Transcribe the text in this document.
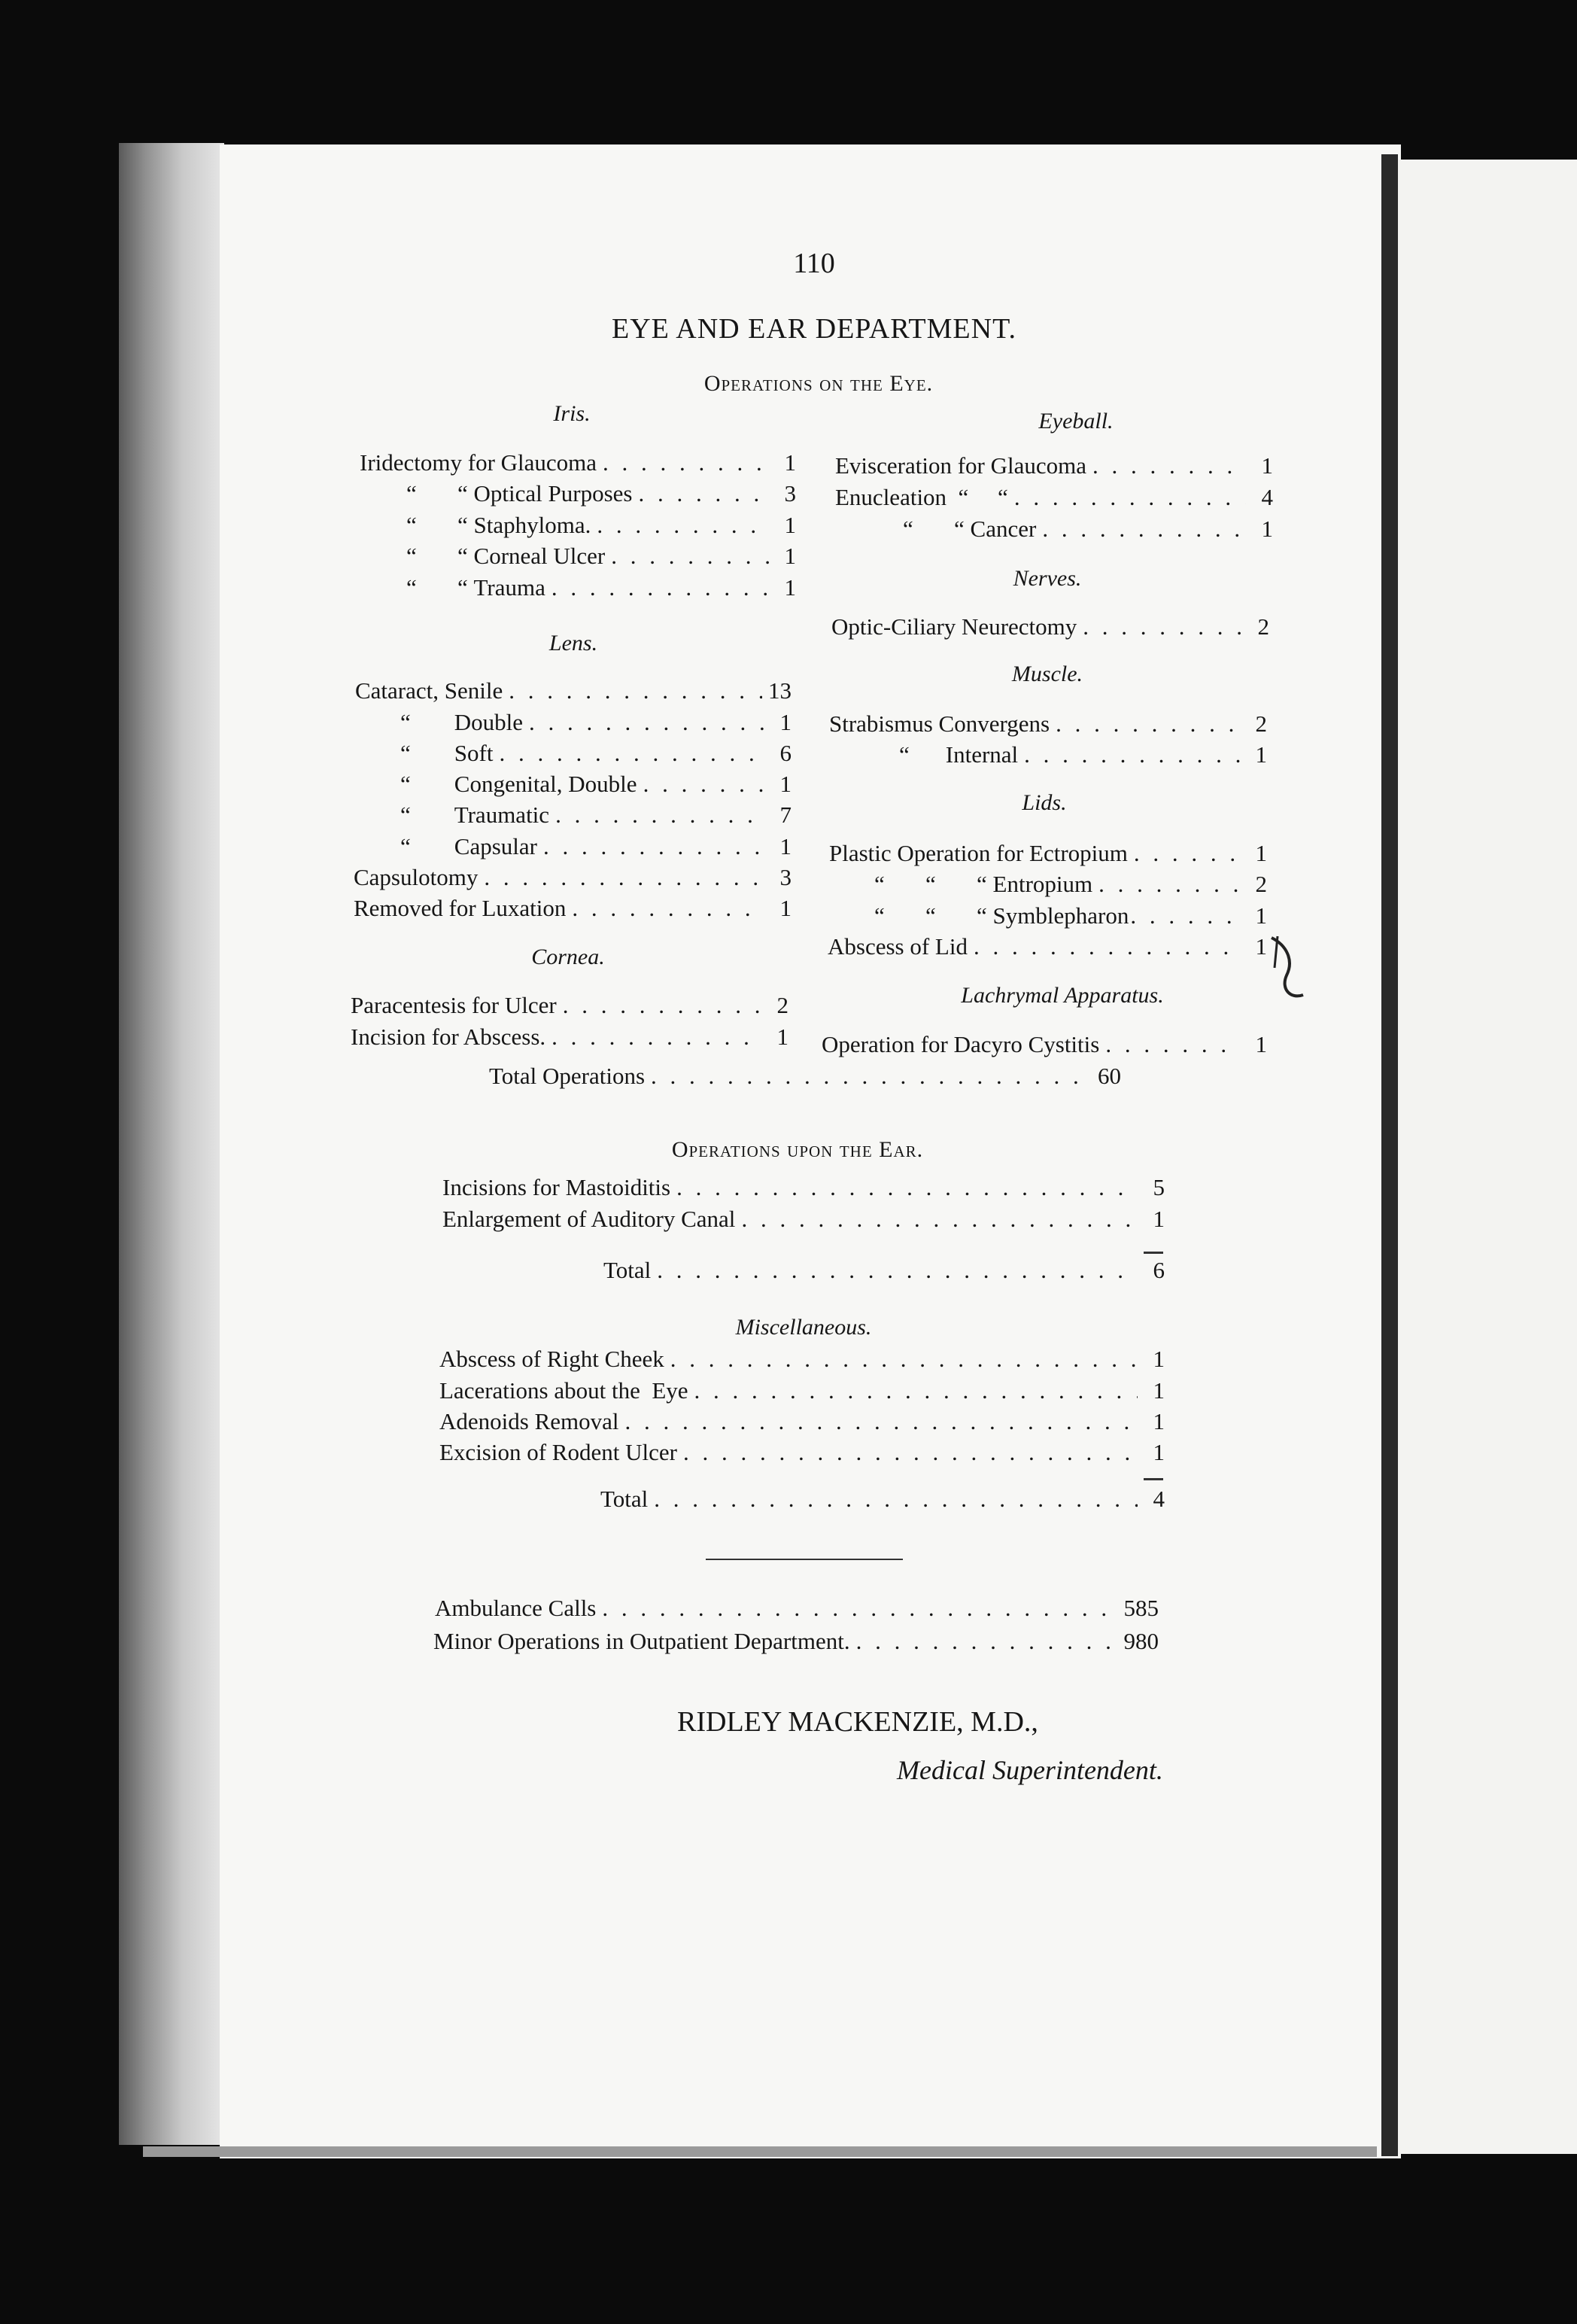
110
EYE AND EAR DEPARTMENT.
Operations on the Eye.
Iris.
Iridectomy for Glaucoma . . .	1
“       “ Optical Purposes . . .	3
“       “ Staphyloma. . . .	1
“       “ Corneal Ulcer . . .	1
“       “ Trauma . . .	1
Lens.
Cataract, Senile . . .	13
“ Double . . .	1
“ Soft . . .	6
“ Congenital, Double . . .	1
“ Traumatic . . .	7
“ Capsular . . .	1
Capsulotomy . . .	3
Removed for Luxation . . .	1
Cornea.
Paracentesis for Ulcer . . .	2
Incision for Abscess. . . .	1
Eyeball.
Evisceration for Glaucoma . . .	1
Enucleation  “     “ . . .	4
“       “ Cancer . . .	1
Nerves.
Optic-Ciliary Neurectomy . . .	2
Muscle.
Strabismus Convergens . . .	2
“ Internal . . .	1
Lids.
Plastic Operation for Ectropium . . .	1
“       “       “ Entropium . . .	2
“       “       “ Symblepharon . . .	1
Abscess of Lid . . .	1
Lachrymal Apparatus.
Operation for Dacyro Cystitis . . .	1
Total Operations . . .	60
Operations upon the Ear.
Incisions for Mastoiditis . . .	5
Enlargement of Auditory Canal . . .	1
Total . . .	6
Miscellaneous.
Abscess of Right Cheek . . .	1
Lacerations about the  Eye . . .	1
Adenoids Removal . . .	1
Excision of Rodent Ulcer . . .	1
Total . . .	4
Ambulance Calls . . .	585
Minor Operations in Outpatient Department. . . .	980
RIDLEY MACKENZIE, M.D.,
Medical Superintendent.
